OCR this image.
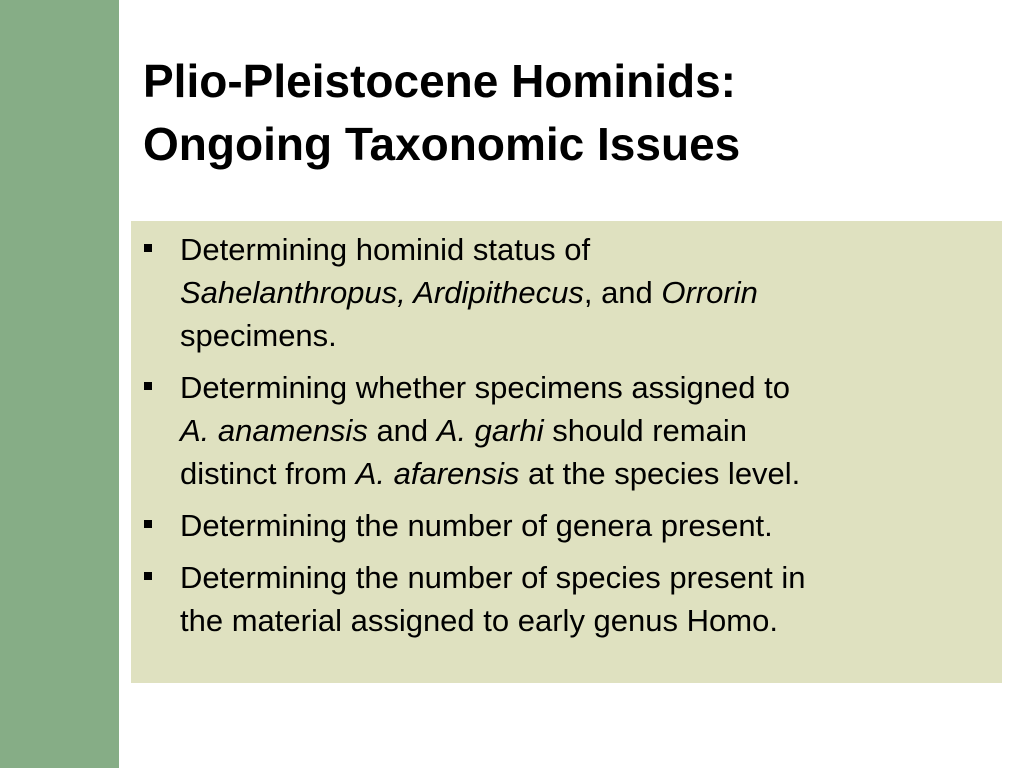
Plio-Pleistocene Hominids:
Ongoing Taxonomic Issues
Determining hominid status of
Sahelanthropus, Ardipithecus, and Orrorin
specimens.
Determining whether specimens assigned to
A. anamensis and A. garhi should remain
distinct from A. afarensis at the species level.
Determining the number of genera present.
Determining the number of species present in
the material assigned to early genus Homo.
